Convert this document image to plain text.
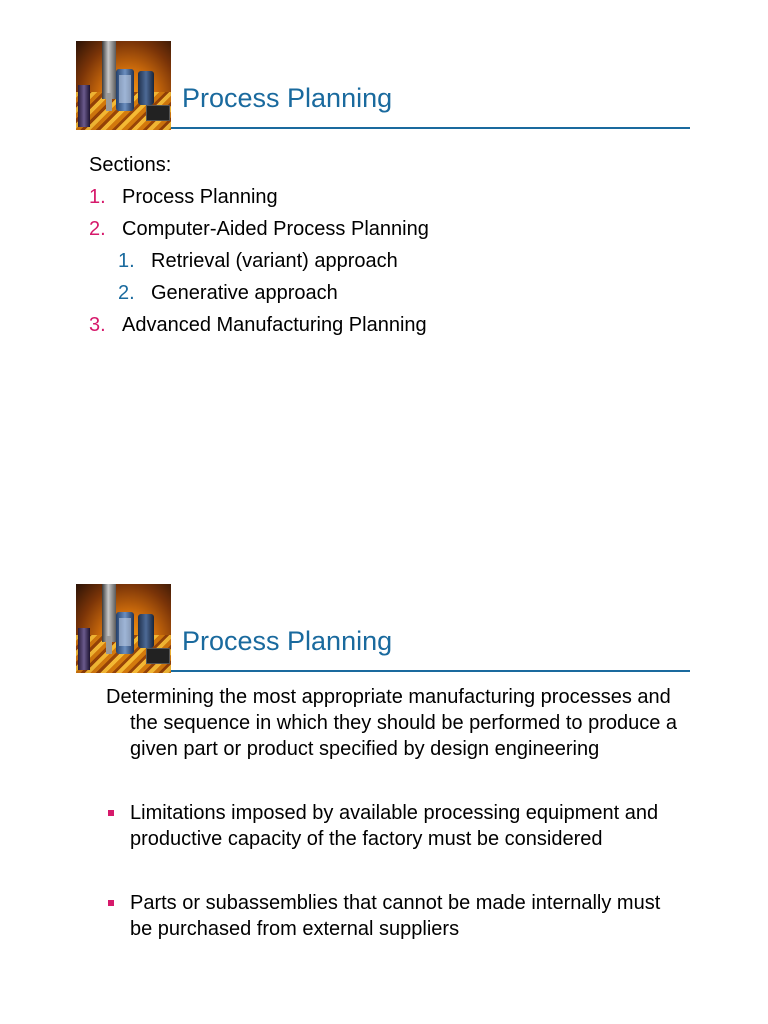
Process Planning

Sections:

1. Process Planning
2. Computer-Aided Process Planning
1. Retrieval (variant) approach
2. Generative approach
3. Advanced Manufacturing Planning
Process Planning

Determining the most appropriate manufacturing processes and the sequence in which they should be performed to produce a given part or product specified by design engineering

Limitations imposed by available processing equipment and productive capacity of the factory must be considered
Parts or subassemblies that cannot be made internally must be purchased from external suppliers
